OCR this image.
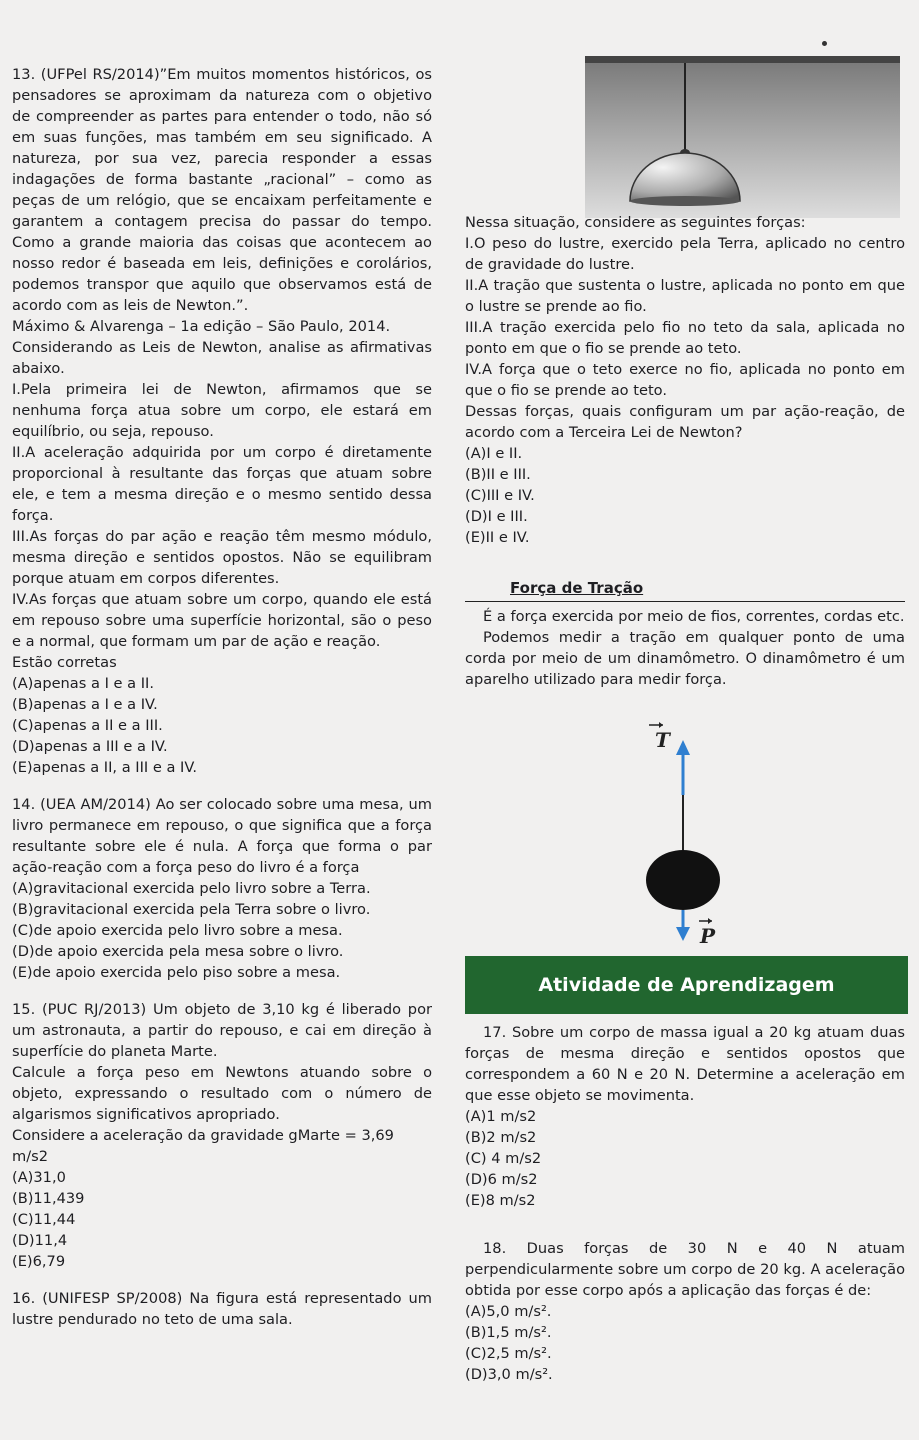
13. (UFPel RS/2014)”Em muitos momentos históricos, os pensadores se aproximam da natureza com o objetivo de compreender as partes para entender o todo, não só em suas funções, mas também em seu significado. A natureza, por sua vez, parecia responder a essas indagações de forma bastante „racional” – como as peças de um relógio, que se encaixam perfeitamente e garantem a contagem precisa do passar do tempo. Como a grande maioria das coisas que acontecem ao nosso redor é baseada em leis, definições e corolários, podemos transpor que aquilo que observamos está de acordo com as leis de Newton.”.

Máximo & Alvarenga – 1a edição – São Paulo, 2014.

Considerando as Leis de Newton, analise as afirmativas abaixo.

I.Pela primeira lei de Newton, afirmamos que se nenhuma força atua sobre um corpo, ele estará em equilíbrio, ou seja, repouso.

II.A aceleração adquirida por um corpo é diretamente proporcional à resultante das forças que atuam sobre ele, e tem a mesma direção e o mesmo sentido dessa força.

III.As forças do par ação e reação têm mesmo módulo, mesma direção e sentidos opostos. Não se equilibram porque atuam em corpos diferentes.

IV.As forças que atuam sobre um corpo, quando ele está em repouso sobre uma superfície horizontal, são o peso e a normal, que formam um par de ação e reação.

Estão corretas

(A)apenas a I e a II.

(B)apenas a I e a IV.

(C)apenas a II e a III.

(D)apenas a III e a IV.

(E)apenas a II, a III e a IV.

14. (UEA AM/2014) Ao ser colocado sobre uma mesa, um livro permanece em repouso, o que significa que a força resultante sobre ele é nula. A força que forma o par ação-reação com a força peso do livro é a força

(A)gravitacional exercida pelo livro sobre a Terra.

(B)gravitacional exercida pela Terra sobre o livro.

(C)de apoio exercida pelo livro sobre a mesa.

(D)de apoio exercida pela mesa sobre o livro.

(E)de apoio exercida pelo piso sobre a mesa.

15. (PUC RJ/2013) Um objeto de 3,10 kg é liberado por um astronauta, a partir do repouso, e cai em direção à superfície do planeta Marte.

Calcule a força peso em Newtons atuando sobre o objeto, expressando o resultado com o número de algarismos significativos apropriado.

Considere a aceleração da gravidade gMarte = 3,69 m/s2

(A)31,0

(B)11,439

(C)11,44

(D)11,4

(E)6,79

16. (UNIFESP SP/2008) Na figura está representado um lustre pendurado no teto de uma sala.

Nessa situação, considere as seguintes forças:

I.O peso do lustre, exercido pela Terra, aplicado no centro de gravidade do lustre.

II.A tração que sustenta o lustre, aplicada no ponto em que o lustre se prende ao fio.

III.A tração exercida pelo fio no teto da sala, aplicada no ponto em que o fio se prende ao teto.

IV.A força que o teto exerce no fio, aplicada no ponto em que o fio se prende ao teto.

Dessas forças, quais configuram um par ação-reação, de acordo com a Terceira Lei de Newton?

(A)I e II.

(B)II e III.

(C)III e IV.

(D)I e III.

(E)II e IV.

Força de Tração

É a força exercida por meio de fios, correntes, cordas etc.

Podemos medir a tração em qualquer ponto de uma corda por meio de um dinamômetro. O dinamômetro é um aparelho utilizado para medir força.

T
P
Atividade de Aprendizagem

17. Sobre um corpo de massa igual a 20 kg atuam duas forças de mesma direção e sentidos opostos que correspondem a 60 N e 20 N. Determine a aceleração em que esse objeto se movimenta.

(A)1 m/s2

(B)2 m/s2

(C) 4 m/s2

(D)6 m/s2

(E)8 m/s2

18. Duas forças de 30 N e 40 N atuam perpendicularmente sobre um corpo de 20 kg. A aceleração obtida por esse corpo após a aplicação das forças é de:

(A)5,0 m/s².

(B)1,5 m/s².

(C)2,5 m/s².

(D)3,0 m/s².
